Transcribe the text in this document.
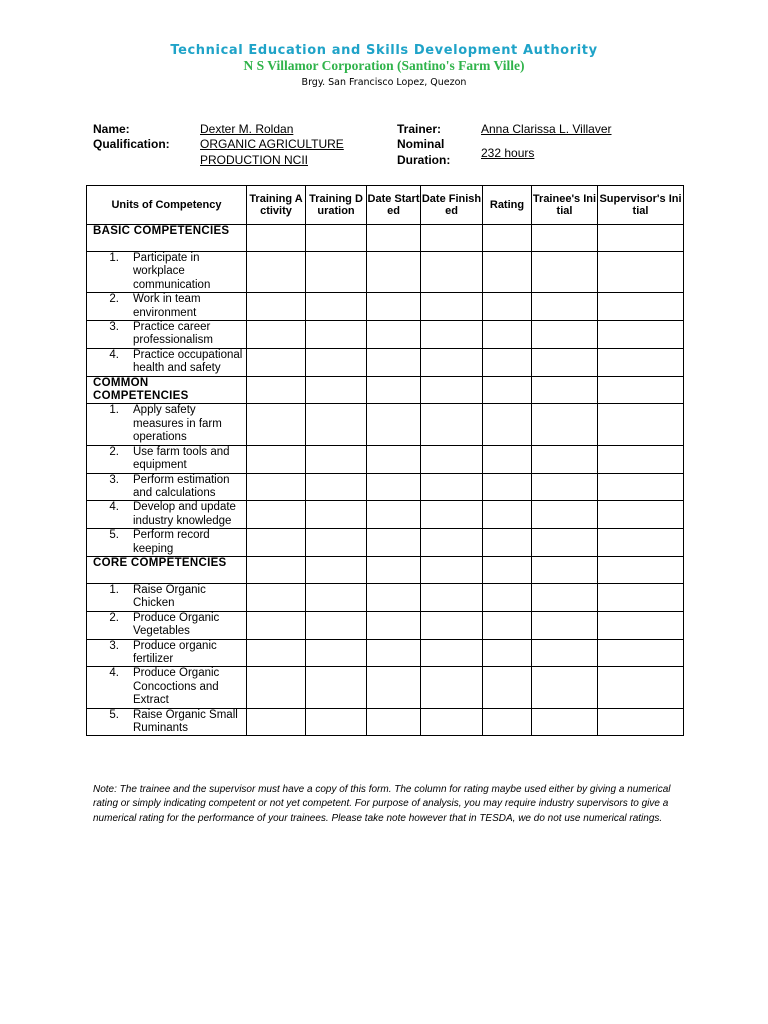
Technical Education and Skills Development Authority
N S Villamor Corporation (Santino's Farm Ville)
Brgy. San Francisco Lopez, Quezon
Name:	Dexter M. Roldan
Qualification:	ORGANIC AGRICULTURE
PRODUCTION NCII
Trainer:	Anna Clarissa L. Villaver
Nominal
Duration:	232 hours
Units of Competency	Training Activity	Training Duration	Date Started	Date Finished	Rating	Trainee's Initial	Supervisor's Initial

BASIC COMPETENCIES							

1. Participate in workplace communication							

2. Work in team environment							

3. Practice career professionalism							

4. Practice occupational health and safety							

COMMON COMPETENCIES							

1. Apply safety measures in farm operations							

2. Use farm tools and equipment							

3. Perform estimation and calculations							

4. Develop and update industry knowledge							

5. Perform record keeping							

CORE COMPETENCIES							

1. Raise Organic Chicken							

2. Produce Organic Vegetables							

3. Produce organic fertilizer							

4. Produce Organic Concoctions and Extract							

5. Raise Organic Small Ruminants							

Note: The trainee and the supervisor must have a copy of this form. The column for rating maybe used either by giving a numerical rating or simply indicating competent or not yet competent. For purpose of analysis, you may require industry supervisors to give a numerical rating for the performance of your trainees. Please take note however that in TESDA, we do not use numerical ratings.
